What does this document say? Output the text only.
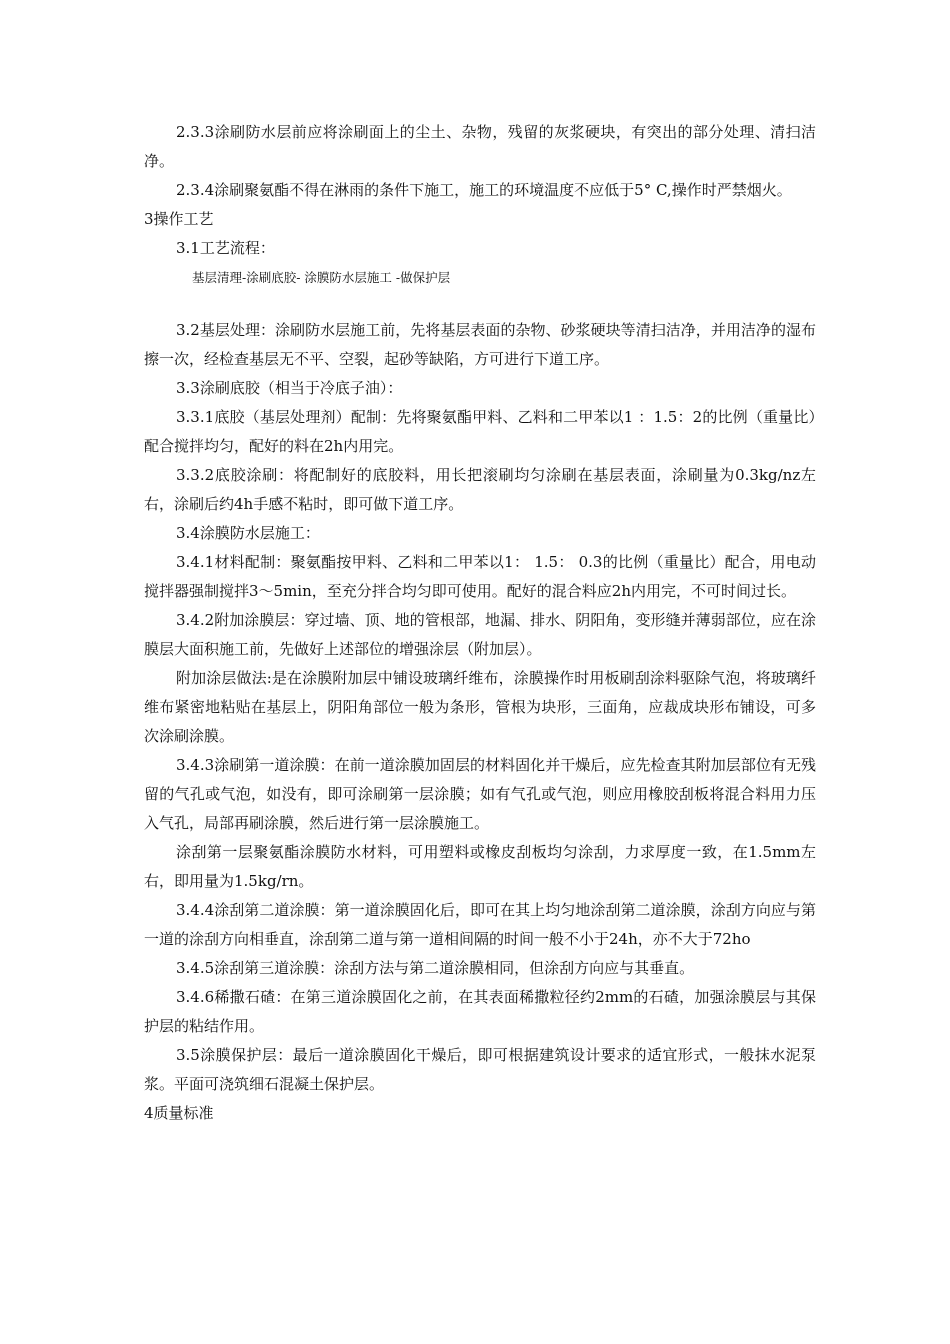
2.3.3涂刷防水层前应将涂刷面上的尘土、杂物，残留的灰浆硬块，有突出的部分处理、清扫洁净。

2.3.4涂刷聚氨酯不得在淋雨的条件下施工，施工的环境温度不应低于5° C,操作时严禁烟火。

3操作工艺

3.1工艺流程：

基层清理-涂刷底胶- 涂膜防水层施工 -做保护层

3.2基层处理：涂刷防水层施工前，先将基层表面的杂物、砂浆硬块等清扫洁净，并用洁净的湿布擦一次，经检查基层无不平、空裂，起砂等缺陷，方可进行下道工序。

3.3涂刷底胶（相当于冷底子油）：

3.3.1底胶（基层处理剂）配制：先将聚氨酯甲料、乙料和二甲苯以1 ：1.5：2的比例（重量比）配合搅拌均匀，配好的料在2h内用完。

3.3.2底胶涂刷：将配制好的底胶料，用长把滚刷均匀涂刷在基层表面，涂刷量为0.3kg/nz左右，涂刷后约4h手感不粘时，即可做下道工序。

3.4涂膜防水层施工：

3.4.1材料配制：聚氨酯按甲料、乙料和二甲苯以1： 1.5： 0.3的比例（重量比）配合，用电动搅拌器强制搅拌3〜5min，至充分拌合均匀即可使用。配好的混合料应2h内用完，不可时间过长。

3.4.2附加涂膜层：穿过墙、顶、地的管根部，地漏、排水、阴阳角，变形缝并薄弱部位，应在涂膜层大面积施工前，先做好上述部位的增强涂层（附加层）。

附加涂层做法:是在涂膜附加层中铺设玻璃纤维布，涂膜操作时用板刷刮涂料驱除气泡，将玻璃纤维布紧密地粘贴在基层上，阴阳角部位一般为条形，管根为块形，三面角，应裁成块形布铺设，可多次涂刷涂膜。

3.4.3涂刷第一道涂膜：在前一道涂膜加固层的材料固化并干燥后，应先检查其附加层部位有无残留的气孔或气泡，如没有，即可涂刷第一层涂膜；如有气孔或气泡，则应用橡胶刮板将混合料用力压入气孔，局部再刷涂膜，然后进行第一层涂膜施工。

涂刮第一层聚氨酯涂膜防水材料，可用塑料或橡皮刮板均匀涂刮，力求厚度一致，在1.5mm左右，即用量为1.5kg/rn。

3.4.4涂刮第二道涂膜：第一道涂膜固化后，即可在其上均匀地涂刮第二道涂膜，涂刮方向应与第一道的涂刮方向相垂直，涂刮第二道与第一道相间隔的时间一般不小于24h，亦不大于72ho

3.4.5涂刮第三道涂膜：涂刮方法与第二道涂膜相同，但涂刮方向应与其垂直。

3.4.6稀撒石碴：在第三道涂膜固化之前，在其表面稀撒粒径约2mm的石碴，加强涂膜层与其保护层的粘结作用。

3.5涂膜保护层：最后一道涂膜固化干燥后，即可根据建筑设计要求的适宜形式，一般抹水泥泵浆。平面可浇筑细石混凝土保护层。

4质量标准
